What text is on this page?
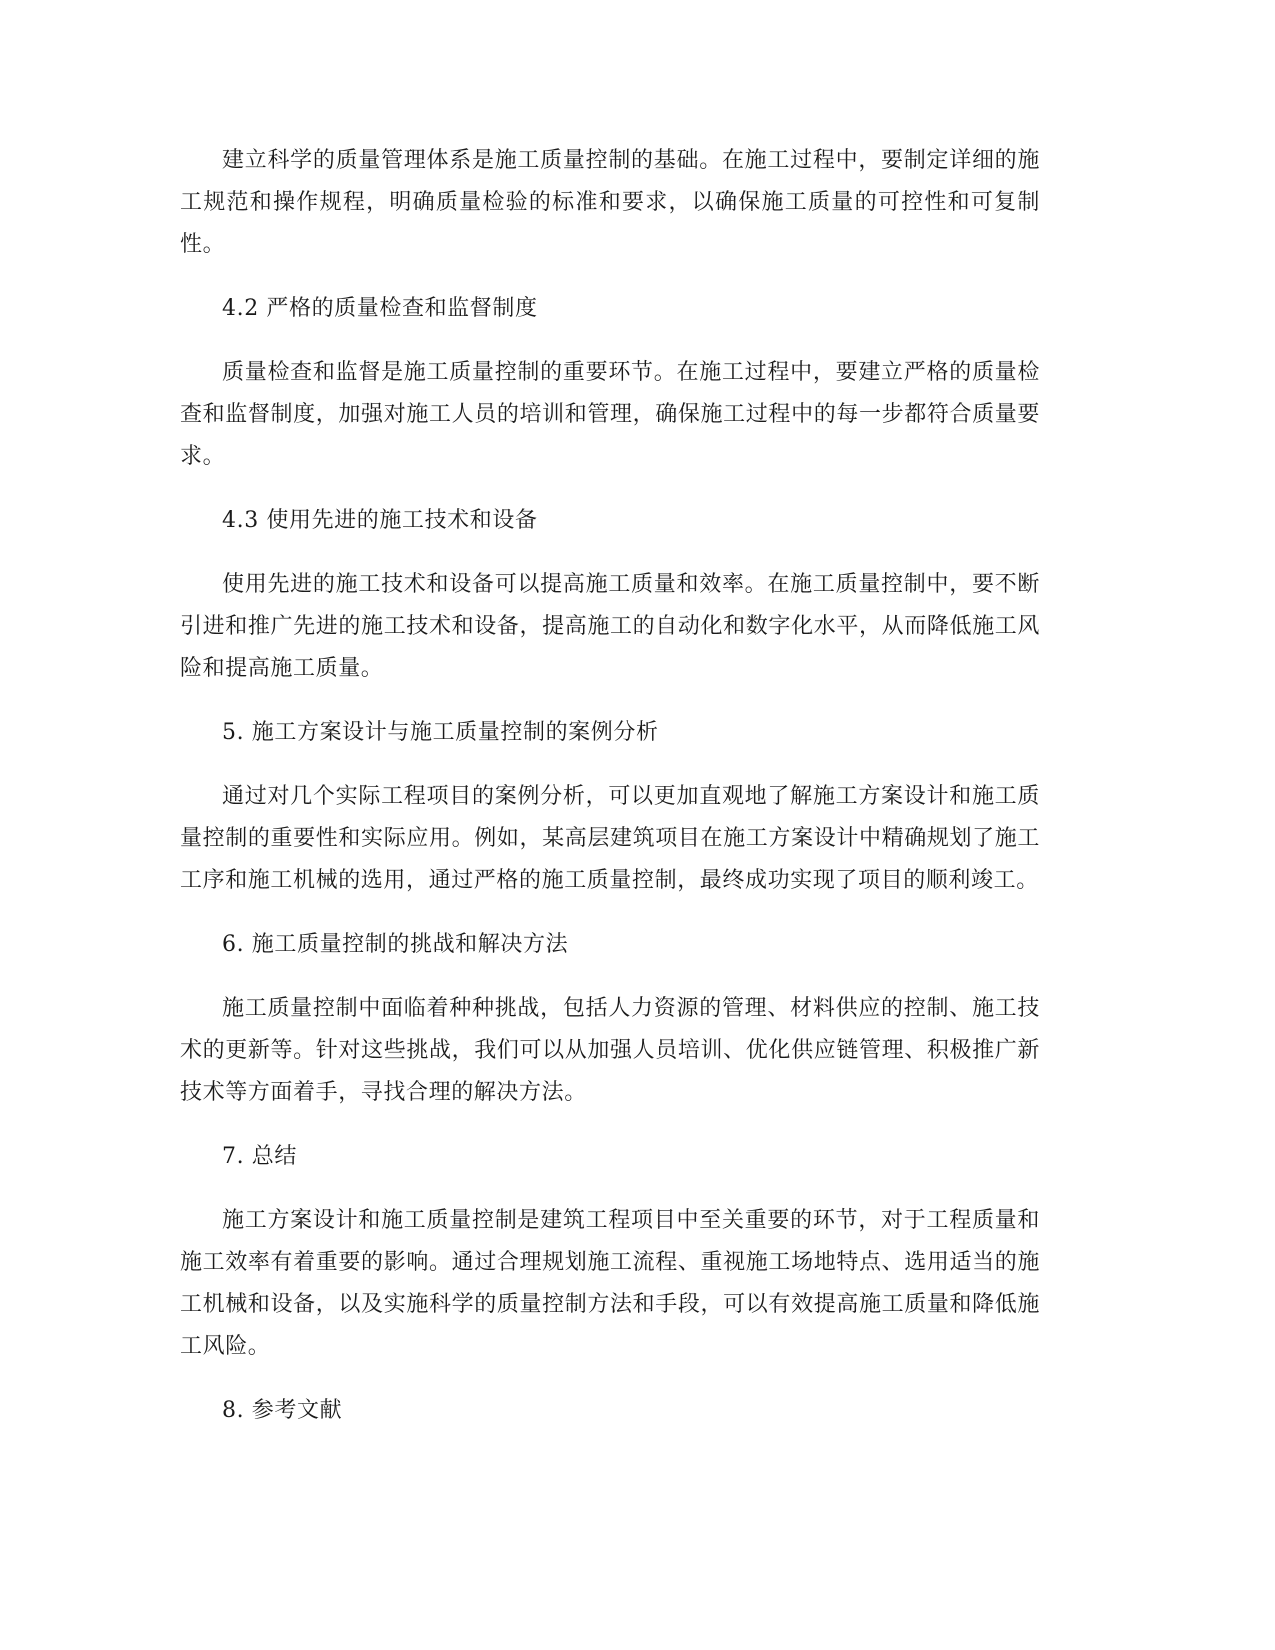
建立科学的质量管理体系是施工质量控制的基础。在施工过程中，要制定详细的施工规范和操作规程，明确质量检验的标准和要求，以确保施工质量的可控性和可复制性。

4.2 严格的质量检查和监督制度

质量检查和监督是施工质量控制的重要环节。在施工过程中，要建立严格的质量检查和监督制度，加强对施工人员的培训和管理，确保施工过程中的每一步都符合质量要求。

4.3 使用先进的施工技术和设备

使用先进的施工技术和设备可以提高施工质量和效率。在施工质量控制中，要不断引进和推广先进的施工技术和设备，提高施工的自动化和数字化水平，从而降低施工风险和提高施工质量。

5. 施工方案设计与施工质量控制的案例分析

通过对几个实际工程项目的案例分析，可以更加直观地了解施工方案设计和施工质量控制的重要性和实际应用。例如，某高层建筑项目在施工方案设计中精确规划了施工工序和施工机械的选用，通过严格的施工质量控制，最终成功实现了项目的顺利竣工。

6. 施工质量控制的挑战和解决方法

施工质量控制中面临着种种挑战，包括人力资源的管理、材料供应的控制、施工技术的更新等。针对这些挑战，我们可以从加强人员培训、优化供应链管理、积极推广新技术等方面着手，寻找合理的解决方法。

7. 总结

施工方案设计和施工质量控制是建筑工程项目中至关重要的环节，对于工程质量和施工效率有着重要的影响。通过合理规划施工流程、重视施工场地特点、选用适当的施工机械和设备，以及实施科学的质量控制方法和手段，可以有效提高施工质量和降低施工风险。

8. 参考文献
